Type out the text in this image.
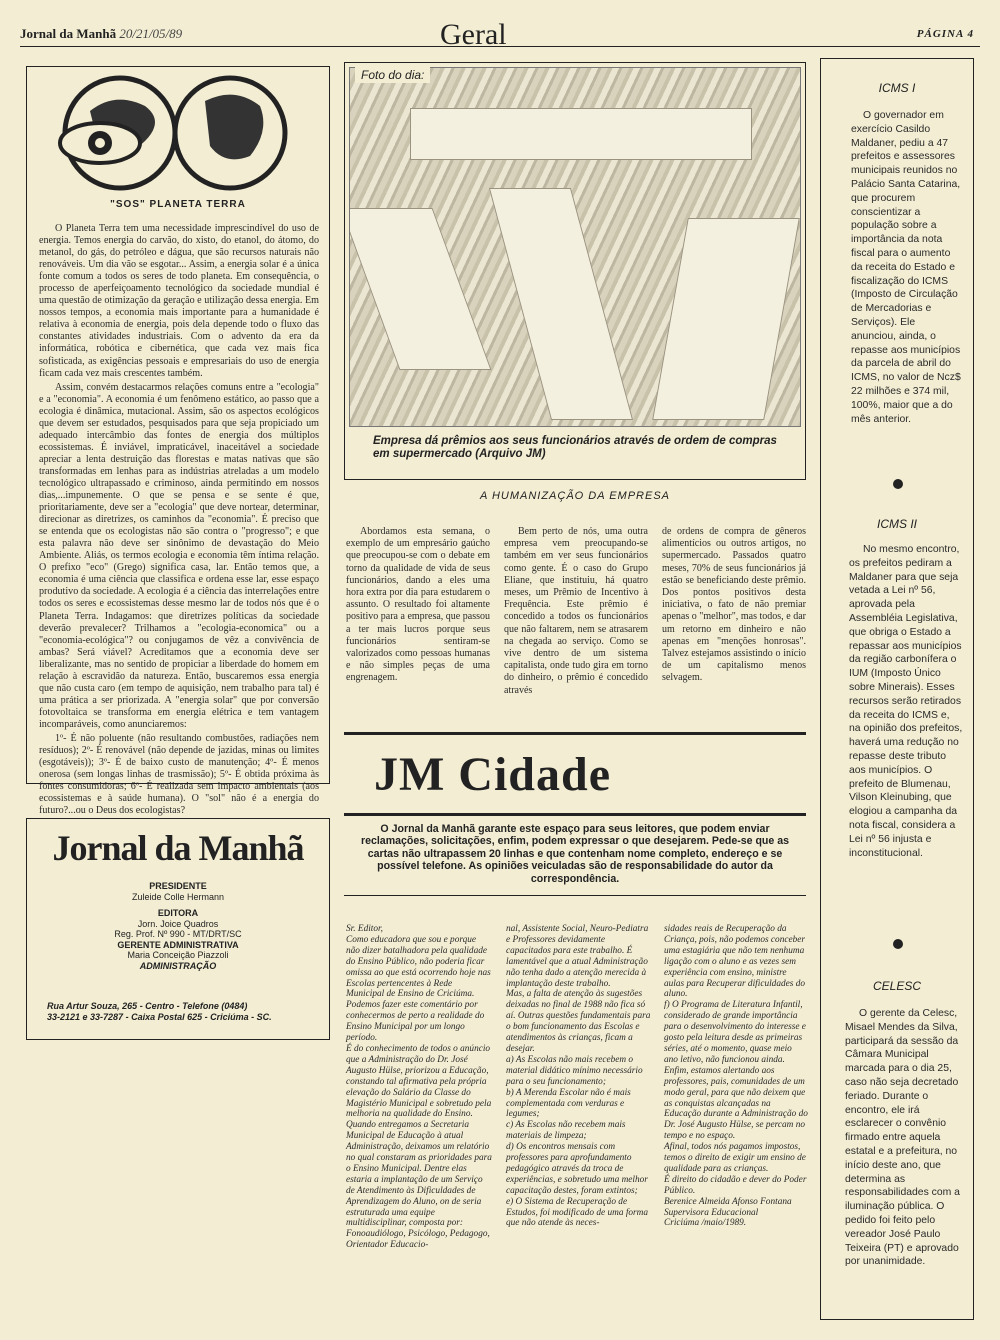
Jornal da Manhã 20/21/05/89	Geral	PÁGINA 4
"SOS" PLANETA TERRA

O Planeta Terra tem uma necessidade imprescindível do uso de energia. Temos energia do carvão, do xisto, do etanol, do átomo, do metanol, do gás, do petróleo e dágua, que são recursos naturais não renováveis. Um dia vão se esgotar... Assim, a energia solar é a única fonte comum a todos os seres de todo planeta. Em consequência, o processo de aperfeiçoamento tecnológico da sociedade mundial é uma questão de otimização da geração e utilização dessa energia. Em nossos tempos, a economia mais importante para a humanidade é relativa à economia de energia, pois dela depende todo o fluxo das constantes atividades industriais. Com o advento da era da informática, robótica e cibernética, que cada vez mais fica sofisticada, as exigências pessoais e empresariais do uso de energia ficam cada vez mais crescentes também.

Assim, convém destacarmos relações comuns entre a "ecologia" e a "economia". A economia é um fenômeno estático, ao passo que a ecologia é dinâmica, mutacional. Assim, são os aspectos ecológicos que devem ser estudados, pesquisados para que seja propiciado um adequado intercâmbio das fontes de energia dos múltiplos ecossistemas. É inviável, impraticável, inaceitável a sociedade apreciar a lenta destruição das florestas e matas nativas que são transformadas em lenhas para as indústrias atreladas a um modelo tecnológico ultrapassado e criminoso, ainda permitindo em nossos dias,...impunemente. O que se pensa e se sente é que, prioritariamente, deve ser a "ecologia" que deve nortear, determinar, direcionar as diretrizes, os caminhos da "economia". É preciso que se entenda que os ecologistas não são contra o "progresso"; e que esta palavra não deve ser sinônimo de devastação do Meio Ambiente. Aliás, os termos ecologia e economia têm íntima relação. O prefixo "eco" (Grego) significa casa, lar. Então temos que, a economia é uma ciência que classifica e ordena esse lar, esse espaço produtivo da sociedade. A ecologia é a ciência das interrelações entre todos os seres e ecossistemas desse mesmo lar de todos nós que é o Planeta Terra. Indagamos: que diretrizes políticas da sociedade deverão prevalecer? Trilhamos a "ecologia-economica" ou a "economia-ecológica"? ou conjugamos de vêz a convivência de ambas? Será viável? Acreditamos que a economia deve ser liberalizante, mas no sentido de propiciar a liberdade do homem em relação à escravidão da natureza. Então, buscaremos essa energia que não custa caro (em tempo de aquisição, nem trabalho para tal) é uma prática a ser priorizada. A "energia solar" que por conversão fotovoltaica se transforma em energia elétrica e tem vantagem incomparáveis, como anunciaremos:

1º- É não poluente (não resultando combustões, radiações nem resíduos); 2º- É renovável (não depende de jazidas, minas ou limites (esgotáveis)); 3º- É de baixo custo de manutenção; 4º- É menos onerosa (sem longas linhas de trasmissão); 5º- É obtida próxima às fontes consumidoras; 6º- É realizada sem impacto ambientais (aos ecossistemas e à saúde humana). O "sol" não é a energia do futuro?...ou o Deus dos ecologistas?

Jornal da Manhã
PRESIDENTE
Zuleide Colle Hermann
EDITORA
Jorn. Joice Quadros
Reg. Prof. Nº 990 - MT/DRT/SC
GERENTE ADMINISTRATIVA
Maria Conceição Piazzoli
ADMINISTRAÇÃO
Rua Artur Souza, 265 - Centro - Telefone (0484)
33-2121 e 33-7287 - Caixa Postal 625 - Criciúma - SC.
Foto do dia:
Empresa dá prêmios aos seus funcionários através de ordem de compras em supermercado (Arquivo JM)
A HUMANIZAÇÃO DA EMPRESA
Abordamos esta semana, o exemplo de um empresário gaúcho que preocupou-se com o debate em torno da qualidade de vida de seus funcionários, dando a eles uma hora extra por dia para estudarem o assunto. O resultado foi altamente positivo para a empresa, que passou a ter mais lucros porque seus funcionários sentiram-se valorizados como pessoas humanas e não simples peças de uma engrenagem.
Bem perto de nós, uma outra empresa vem preocupando-se também em ver seus funcionários como gente. É o caso do Grupo Eliane, que instituiu, há quatro meses, um Prêmio de Incentivo à Frequência. Este prêmio é concedido a todos os funcionários que não faltarem, nem se atrasarem na chegada ao serviço. Como se vive dentro de um sistema capitalista, onde tudo gira em torno do dinheiro, o prêmio é concedido através
de ordens de compra de gêneros alimentícios ou outros artigos, no supermercado. Passados quatro meses, 70% de seus funcionários já estão se beneficiando deste prêmio. Dos pontos positivos desta iniciativa, o fato de não premiar apenas o "melhor", mas todos, e dar um retorno em dinheiro e não apenas em "menções honrosas". Talvez estejamos assistindo o início de um capitalismo menos selvagem.
JM Cidade
O Jornal da Manhã garante este espaço para seus leitores, que podem enviar reclamações, solicitações, enfim, podem expressar o que desejarem. Pede-se que as cartas não ultrapassem 20 linhas e que contenham nome completo, endereço e se possível telefone. As opiniões veiculadas são de responsabilidade do autor da correspondência.
Sr. Editor,
Como educadora que sou e porque não dizer batalhadora pela qualidade do Ensino Público, não poderia ficar omissa ao que está ocorrendo hoje nas Escolas pertencentes à Rede Municipal de Ensino de Criciúma.
Podemos fazer este comentário por conhecermos de perto a realidade do Ensino Municipal por um longo período.
É do conhecimento de todos o anúncio que a Administração do Dr. José Augusto Hülse, priorizou a Educação, constando tal afirmativa pela própria elevação do Salário da Classe do Magistério Municipal e sobretudo pela melhoria na qualidade do Ensino.
Quando entregamos a Secretaria Municipal de Educação à atual Administração, deixamos um relatório no qual constaram as prioridades para o Ensino Municipal. Dentre elas estaria a implantação de um Serviço de Atendimento às Dificuldades de Aprendizagem do Aluno, on de seria estruturada uma equipe multidisciplinar, composta por: Fonoaudiólogo, Psicólogo, Pedagogo, Orientador Educacio-
nal, Assistente Social, Neuro-Pediatra e Professores devidamente capacitados para este trabalho. É lamentável que a atual Administração não tenha dado a atenção merecida à implantação deste trabalho.
Mas, a falta de atenção às sugestões deixadas no final de 1988 não fica só aí. Outras questões fundamentais para o bom funcionamento das Escolas e atendimentos às crianças, ficam a desejar.
a) As Escolas não mais recebem o material didático mínimo necessário para o seu funcionamento;
b) A Merenda Escolar não é mais complementada com verduras e legumes;
c) As Escolas não recebem mais materiais de limpeza;
d) Os encontros mensais com professores para aprofundamento pedagógico através da troca de experiências, e sobretudo uma melhor capacitação destes, foram extintos;
e) O Sistema de Recuperação de Estudos, foi modificado de uma forma que não atende às neces-
sidades reais de Recuperação da Criança, pois, não podemos conceber uma estagiária que não tem nenhuma ligação com o aluno e as vezes sem experiência com ensino, ministre aulas para Recuperar dificuldades do aluno.
f) O Programa de Literatura Infantil, considerado de grande importância para o desenvolvimento do interesse e gosto pela leitura desde as primeiras séries, até o momento, quase meio ano letivo, não funcionou ainda.
Enfim, estamos alertando aos professores, pais, comunidades de um modo geral, para que não deixem que as conquistas alcançadas na Educação durante a Administração do Dr. José Augusto Hülse, se percam no tempo e no espaço.
Afinal, todos nós pagamos impostos, temos o direito de exigir um ensino de qualidade para as crianças.
É direito do cidadão e dever do Poder Público.
Berenice Almeida Afonso Fontana
Supervisora Educacional
Criciúma /maio/1989.
ICMS I
O governador em exercício Casildo Maldaner, pediu a 47 prefeitos e assessores municipais reunidos no Palácio Santa Catarina, que procurem conscientizar a população sobre a importância da nota fiscal para o aumento da receita do Estado e fiscalização do ICMS (Imposto de Circulação de Mercadorias e Serviços). Ele anunciou, ainda, o repasse aos municípios da parcela de abril do ICMS, no valor de Ncz$ 22 milhões e 374 mil, 100%, maior que a do mês anterior.
ICMS II
No mesmo encontro, os prefeitos pediram a Maldaner para que seja vetada a Lei nº 56, aprovada pela Assembléia Legislativa, que obriga o Estado a repassar aos municípios da região carbonífera o IUM (Imposto Único sobre Minerais). Esses recursos serão retirados da receita do ICMS e, na opinião dos prefeitos, haverá uma redução no repasse deste tributo aos municípios. O prefeito de Blumenau, Vilson Kleinubing, que elogiou a campanha da nota fiscal, considera a Lei nº 56 injusta e inconstitucional.
CELESC
O gerente da Celesc, Misael Mendes da Silva, participará da sessão da Câmara Municipal marcada para o dia 25, caso não seja decretado feriado. Durante o encontro, ele irá esclarecer o convênio firmado entre aquela estatal e a prefeitura, no início deste ano, que determina as responsabilidades com a iluminação pública. O pedido foi feito pelo vereador José Paulo Teixeira (PT) e aprovado por unanimidade.
